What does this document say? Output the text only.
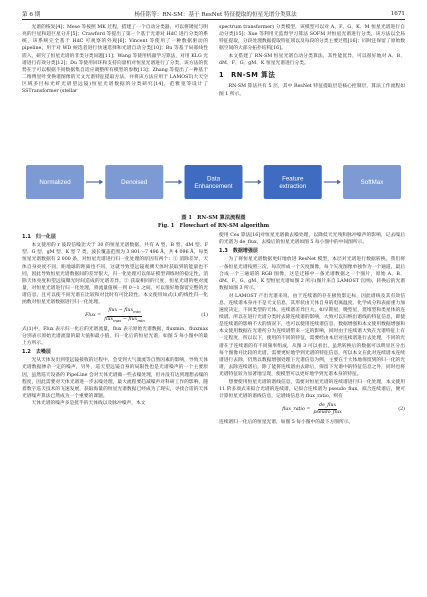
第 6 期	杨佳铭等：RN-SM：基于 ResNet 特征提取的恒星光谱分类算法	1671

光谱的恢复[4]；Mese 等按照 MK 过程，搭建了一个自动分类器，可以将矮星与明亮的巨星和超巨星分开[5]；Crawford 等提出了第一个基于光谱对 HdC 进行分类的系统，该系统完全基于 HdC 可观察的外观[6]；Vincent 等使用了一种数据驱动的 pipeline，用于对 WD 候选者进行快速选择和光谱自动分类[10]；Bu 等基于局部线性嵌入，研究了恒星光谱的非类分类问题[11]；Wang 等使用机器学习算法，对用 KLG 光谱进行有效分类[12]；Du 等使用回环和支持向量机对恒星光谱进行了分类，该方法的优势在于可以根据不同数据集自适应调整所有模型的参数[13]；Zhang 等提出了一种基于二维傅里叶变换谱图像的天文光谱特征提取方法，并将该方法应用于 LAMOST(大天空区域多目标光纤光谱望远镜)恒星光谱数据的分类研究[14]，范雅宽等设计了 SSTransformer (stellar

spectrum transformer) 分类模型，该模型可以对 A、F、G、K、M 恒星光谱进行自动分类[15]；Xue 等利用无监督学习算法 SOFM 对恒星光谱进行分类，该方法以全局特征提取，分段处理数据提取特征项以及每段的分类主要过程[16]；同时还保留了原始数据空间的大部分拓扑结构[16]。

本文搭建了 RN-SM 恒星光谱自动分类算法，其性能优异，可以很好地对 A、B、dM、F、G、gM、K 恒星光谱进行分类。

1　RN-SM 算法

RN-SM 算法共有 5 层，其中 ResNet 特征提取层是核心控制层，算法工作流程如图 1 所示。

Normalized	Denoised
Data Enhancement
Feature extraction
SoftMax
图 1　RN-SM 算法流程图
Fig. 1　Flowchart of RN-SM algorithm
1.1　归一化层

本文使用的 r 波段信噪比大于 30 的恒星光谱数据，共有 A 型、B 型、dM 型、F 型、G 型、gM 型、K 型 7 类，波长覆盖范围为 3 801～7 496 Å，共 4 096 Å，每类恒星光谱数据有 2 000 条，对恒星光谱进行归一化处理的原因有两个：① 消除差异，天体自身亮度不同，距地球的距离也不同，这就导致望远镜观测天体时获取到的能量也不同，因此导致恒星光谱数据间的差异很大，归一化处理可以保证模型训练时的稳定性，消除天体亮度和望远镜曝光时间造成的光谱差异。② 获取相同的尺度，恒星光谱的绝对流量，对恒星光谱进行归一化处理，将流量值统一到 0～1 之间，可以很好地保留完整的光谱信息，且可以使不同光谱在比较和对比时有可比较性。本文使用如式(1)的线性归一化函数对恒星光谱数据进行归一化处理。

Flux = $\frac{flux - flux_{min}}{flux_{max} - flux_{min}}$	(1)

式(1)中，Flux 表示归一化后的光谱流量，flux 表示原始光谱数据，fluxmin、fluxmax 分别表示原始光谱流量的最大值和最小值，归一化后的恒星光谱，如图 5 每小图中的最上方所示。

1.2　去噪层

光从天体发出到望远镜接收的过程中，会受到大气湍流等自然因素的影响，导致天体光谱数据掺杂一定的噪声，另外，巡天望远镜自身的局限性也是光谱噪声的一个主要原因，虽然巡天设备的 PipeLine 会对天体光谱做一些去噪处理，但并没有达到理想去噪的程度，因此需要对天体光谱进一步去噪处理，最大流程要趋减噪声对科研工作的影响，随着数字巡天技术的飞速发展，获取海量的恒星光谱数据已经成为了现实，寻找合适的天体光谱噪声算法已然成为一个重要的课题。

天体光谱的噪声多是扰乎的天体线以及脉冲噪声，本文

使用 Ces 算法[16]对恒星光谱做去噪处理，以降低天光残和脉冲噪声的影响，记去噪后的光谱为 de_flux，去噪后的恒星光谱如图 5 每小图中的中间图所示。

1.3　数据增强层

为了将恒星光谱数据更好地放进 ResNet 模型，本层对光谱进行数据转换。我们将一条恒星光谱按照三次，每次形成一个矢度图像，每个矢度图像单独作为一个通道，最后合成一个三通道的 RGB 图像，这是迁移中一条光谱数据之一个图片，原始 A、B、dM、F、G、gM、K 型恒星光谱如图 2 所示(图片来自 LAMOST 官网)，转换后的光谱数据如图 3 所示。

对 LAMOST 产出光谱来说，由于连续谱的存在极致影定标，因此谱线及其有效信息，连续谱本身并不是天文信息，其形状由天体自身的电离温度、化学成分和表面重力加速度决定，不同类型的天体，连续谱差异巨大，如早期星，晚型星，烧堆型和类星体的连续谱。所以在进行光谱分类时去除连续谱的影响，大致可以归纳出谱线的特征信息，即使是连续谱的影响不大的情况下，也可以使用连续谱信息，数据增强和本文使用数据增强和本文使用数据在光谱所分为连续谱带来一定的影响，同时由于连续谱大致在光谱特征上有一定程度，所以以下，使用的不同的特征，需要经由本层对连续谱进行去处理，不同的光谱在于连续谱的有不同频率组成，从图 3 可以看出，虽然转换后的数据可以明显区分出每个图像并比较的光谱，需要更好地学到光谱的特征信息，所以本文在此对连续谱本连续谱进行去除，仍然以数据增强处理下光谱信息为例，主要在于大体地保留到的归一化的光谱，去除连续谱后，除了能将连续谱由去除后，保留下光谱中的特征信息之外，同时也将光谱特征较为显著地呈现，使模型可以更好地学到光谱本身的特征。

想要使用恒星光谱的谱线信息，需要对恒星光谱的连续谱进行归一化处理，本文使用 11 阶多项式来拟合光谱的连续谱，记拟合连续谱为 pseudo_flux，拟合连续谱后，便可计算恒星光谱的谱线信息，记谱线信息为 flux_ratio，则有

flux_ratio = $\frac{\text{de\_flux}}{\text{pseudo\_flux}}$	(2)

连续谱归一化后的恒星光谱，如图 5 每小图中的最下方图所示。
